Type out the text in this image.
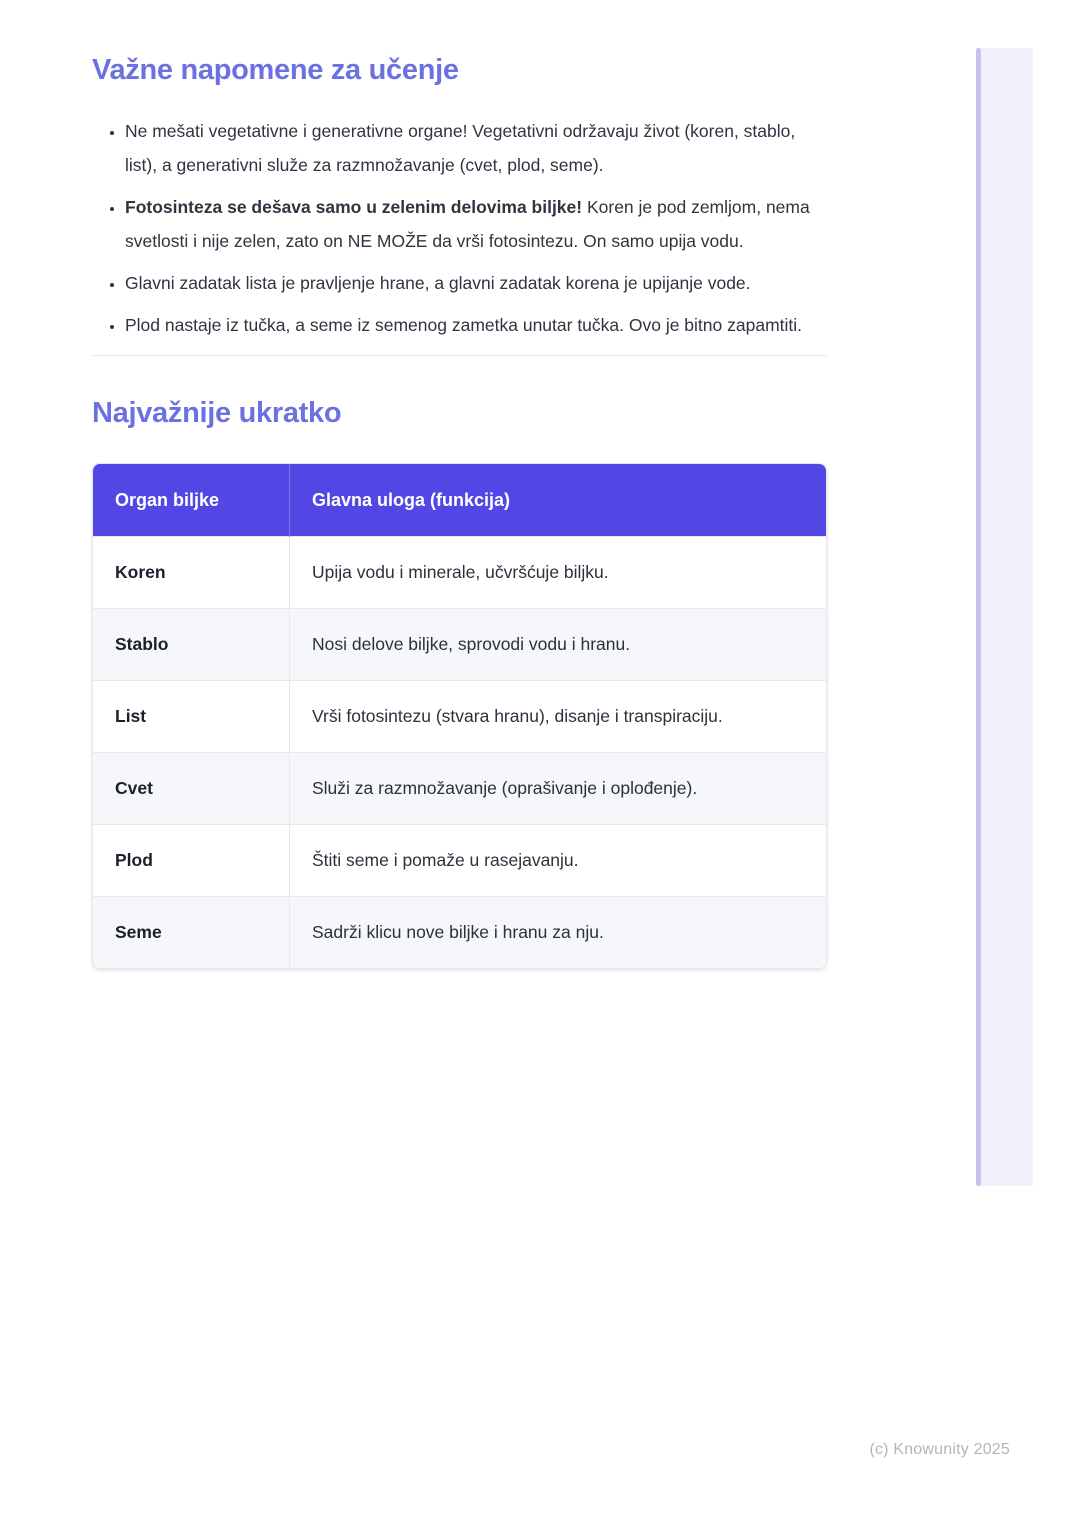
Važne napomene za učenje
• Ne mešati vegetativne i generativne organe! Vegetativni održavaju život (koren, stablo, list), a generativni služe za razmnožavanje (cvet, plod, seme).
• Fotosinteza se dešava samo u zelenim delovima biljke! Koren je pod zemljom, nema svetlosti i nije zelen, zato on NE MOŽE da vrši fotosintezu. On samo upija vodu.
• Glavni zadatak lista je pravljenje hrane, a glavni zadatak korena je upijanje vode.
• Plod nastaje iz tučka, a seme iz semenog zametka unutar tučka. Ovo je bitno zapamtiti.
Najvažnije ukratko
Organ biljke	Glavna uloga (funkcija)
Koren	Upija vodu i minerale, učvršćuje biljku.
Stablo	Nosi delove biljke, sprovodi vodu i hranu.
List	Vrši fotosintezu (stvara hranu), disanje i transpiraciju.
Cvet	Služi za razmnožavanje (oprašivanje i oplođenje).
Plod	Štiti seme i pomaže u rasejavanju.
Seme	Sadrži klicu nove biljke i hranu za nju.
(c) Knowunity 2025
